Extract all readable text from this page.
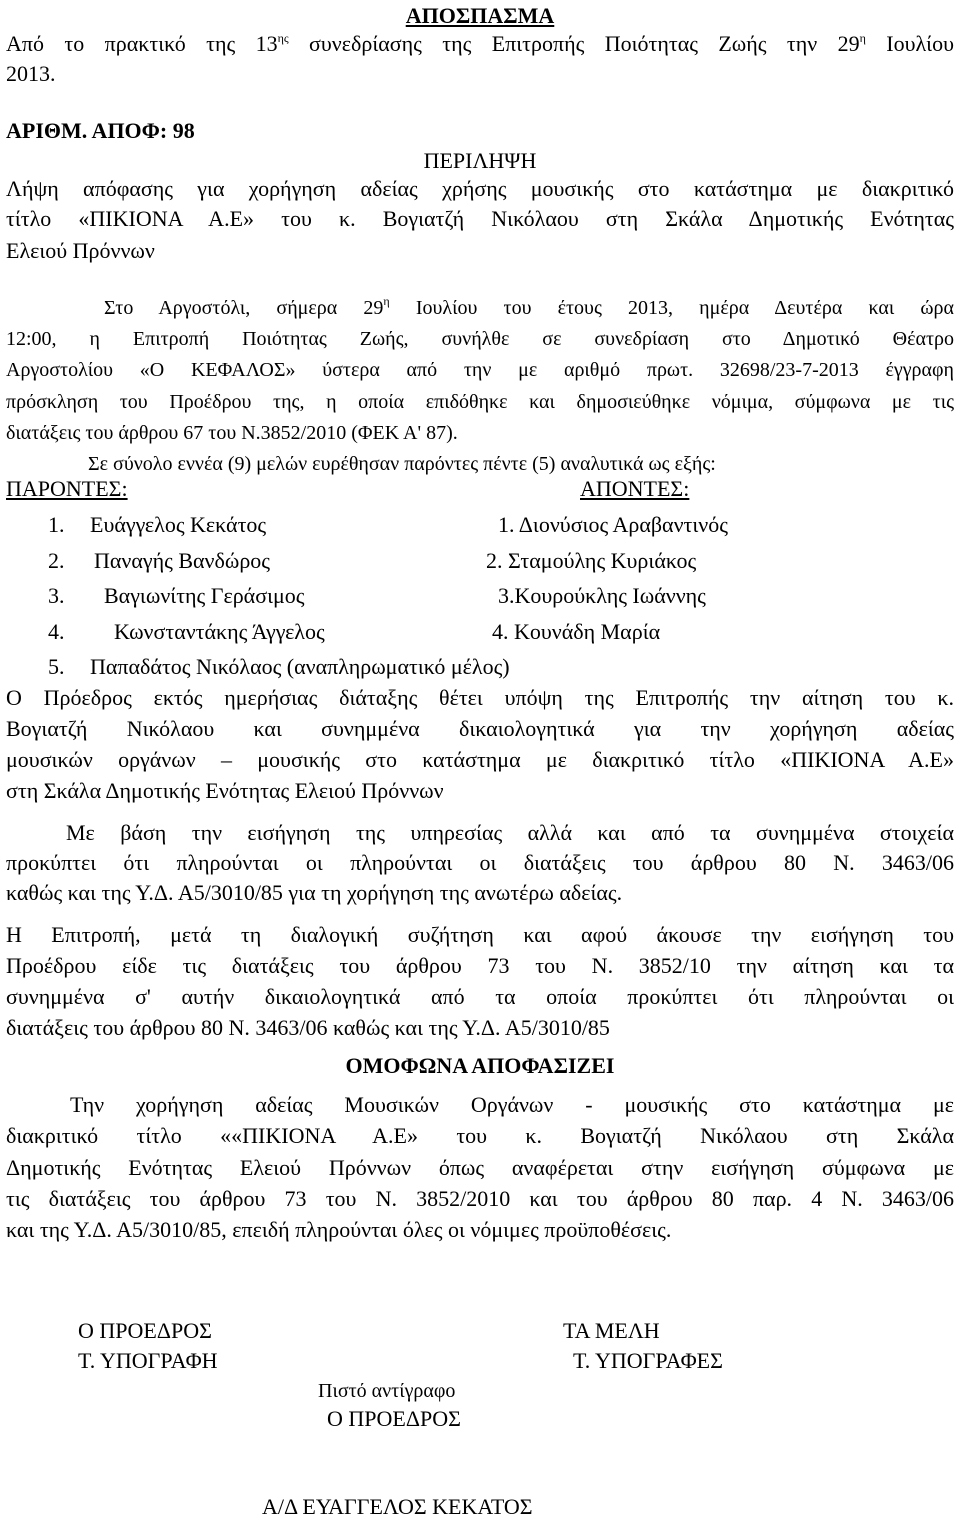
ΑΠΟΣΠΑΣΜΑ
Από το πρακτικό της $13^{\eta\varsigma}$ συνεδρίασης της Επιτροπής Ποιότητας Ζωής την $29^\eta$ Ιουλίου
2013.
ΑΡΙΘΜ. ΑΠΟΦ: 98
ΠΕΡΙΛΗΨΗ
Λήψη απόφασης για χορήγηση αδείας χρήσης μουσικής στο κατάστημα με διακριτικό
τίτλο «ΠΙΚΙΟΝΑ Α.Ε» του κ. Βογιατζή Νικόλαου στη Σκάλα Δημοτικής Ενότητας
Ελειού Πρόννων
Στο Αργοστόλι, σήμερα $29^\eta$ Ιουλίου του έτους 2013, ημέρα Δευτέρα και ώρα
12:00, η Επιτροπή Ποιότητας Ζωής, συνήλθε σε συνεδρίαση στο Δημοτικό Θέατρο
Αργοστολίου «Ο ΚΕΦΑΛΟΣ» ύστερα από την με αριθμό πρωτ. 32698/23-7-2013 έγγραφη
πρόσκληση του Προέδρου της, η οποία επιδόθηκε και δημοσιεύθηκε νόμιμα, σύμφωνα με τις
διατάξεις του άρθρου 67 του Ν.3852/2010 (ΦΕΚ Α' 87).
Σε σύνολο εννέα (9) μελών ευρέθησαν παρόντες πέντε (5) αναλυτικά ως εξής:
ΠΑΡΟΝΤΕΣ:	ΑΠΟΝΤΕΣ:
1. Ευάγγελος Κεκάτος
2. Παναγής Βανδώρος
3. Βαγιωνίτης Γεράσιμος
4. Κωνσταντάκης Άγγελος
5. Παπαδάτος Νικόλαος (αναπληρωματικό μέλος)
1. Διονύσιος Αραβαντινός
2. Σταμούλης Κυριάκος
3.Κουρούκλης Ιωάννης
4. Κουνάδη Μαρία
Ο Πρόεδρος εκτός ημερήσιας διάταξης θέτει υπόψη της Επιτροπής την αίτηση του κ.
Βογιατζή Νικόλαου και συνημμένα δικαιολογητικά για την χορήγηση αδείας
μουσικών οργάνων – μουσικής στο κατάστημα με διακριτικό τίτλο «ΠΙΚΙΟΝΑ Α.Ε»
στη Σκάλα Δημοτικής Ενότητας Ελειού Πρόννων
Με βάση την εισήγηση της υπηρεσίας αλλά και από τα συνημμένα στοιχεία
προκύπτει ότι πληρούνται οι πληρούνται οι διατάξεις του άρθρου 80 Ν. 3463/06
καθώς και της Υ.Δ. Α5/3010/85 για τη χορήγηση της ανωτέρω αδείας.
Η Επιτροπή, μετά τη διαλογική συζήτηση και αφού άκουσε την εισήγηση του
Προέδρου είδε τις διατάξεις του άρθρου 73 του Ν. 3852/10 την αίτηση και τα
συνημμένα σ' αυτήν δικαιολογητικά από τα οποία προκύπτει ότι πληρούνται οι
διατάξεις του άρθρου 80 Ν. 3463/06 καθώς και της Υ.Δ. Α5/3010/85
ΟΜΟΦΩΝΑ ΑΠΟΦΑΣΙΖΕΙ
Την χορήγηση αδείας Μουσικών Οργάνων - μουσικής στο κατάστημα με
διακριτικό τίτλο ««ΠΙΚΙΟΝΑ Α.Ε» του κ. Βογιατζή Νικόλαου στη Σκάλα
Δημοτικής Ενότητας Ελειού Πρόννων όπως αναφέρεται στην εισήγηση σύμφωνα με
τις διατάξεις του άρθρου 73 του Ν. 3852/2010 και του άρθρου 80 παρ. 4 Ν. 3463/06
και της Υ.Δ. Α5/3010/85, επειδή πληρούνται όλες οι νόμιμες προϋποθέσεις.
Ο ΠΡΟΕΔΡΟΣ
Τ. ΥΠΟΓΡΑΦΗ
ΤΑ ΜΕΛΗ
Τ. ΥΠΟΓΡΑΦΕΣ
Πιστό αντίγραφο
Ο ΠΡΟΕΔΡΟΣ
Α/Δ ΕΥΑΓΓΕΛΟΣ ΚΕΚΑΤΟΣ
